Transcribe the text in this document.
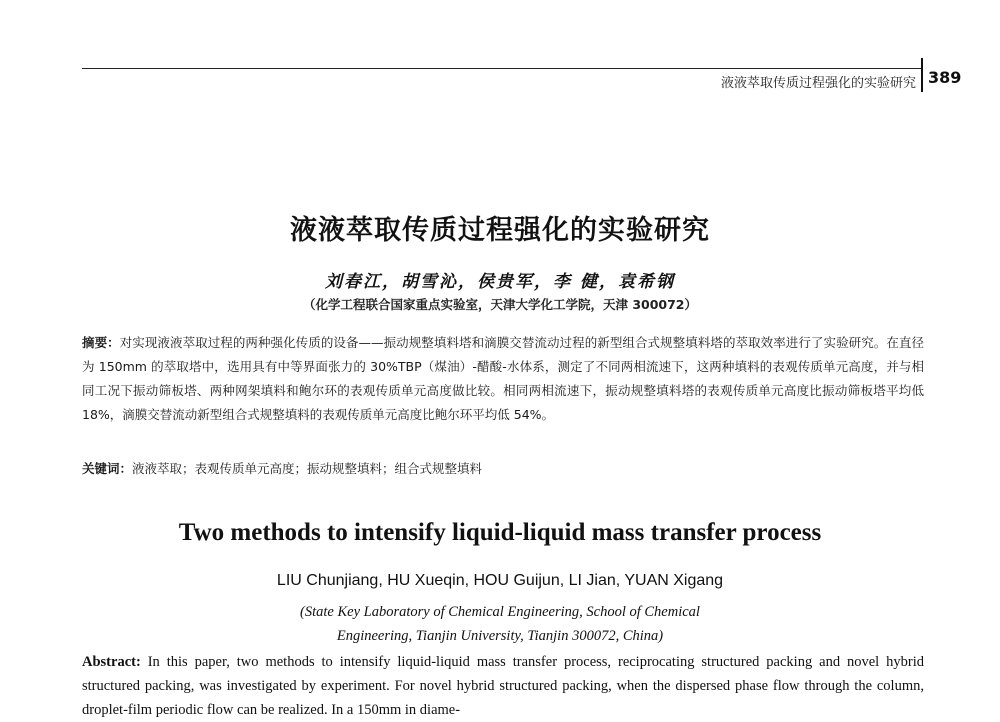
液液萃取传质过程强化的实验研究 389
液液萃取传质过程强化的实验研究
刘春江，胡雪沁，侯贵军，李 健，袁希钢
（化学工程联合国家重点实验室，天津大学化工学院，天津 300072）
摘要：对实现液液萃取过程的两种强化传质的设备——振动规整填料塔和滴膜交替流动过程的新型组合式规整填料塔的萃取效率进行了实验研究。在直径为 150mm 的萃取塔中，选用具有中等界面张力的 30%TBP（煤油）-醋酸-水体系，测定了不同两相流速下，这两种填料的表观传质单元高度，并与相同工况下振动筛板塔、两种网架填料和鲍尔环的表观传质单元高度做比较。相同两相流速下，振动规整填料塔的表观传质单元高度比振动筛板塔平均低 18%，滴膜交替流动新型组合式规整填料的表观传质单元高度比鲍尔环平均低 54%。
关键词：液液萃取；表观传质单元高度；振动规整填料；组合式规整填料
Two methods to intensify liquid-liquid mass transfer process
LIU Chunjiang, HU Xueqin, HOU Guijun, LI Jian, YUAN Xigang
(State Key Laboratory of Chemical Engineering, School of Chemical
Engineering, Tianjin University, Tianjin 300072, China)
Abstract: In this paper, two methods to intensify liquid-liquid mass transfer process, reciprocating structured packing and novel hybrid structured packing, was investigated by experiment. For novel hybrid structured packing, when the dispersed phase flow through the column, droplet-film periodic flow can be realized. In a 150mm in diame-
